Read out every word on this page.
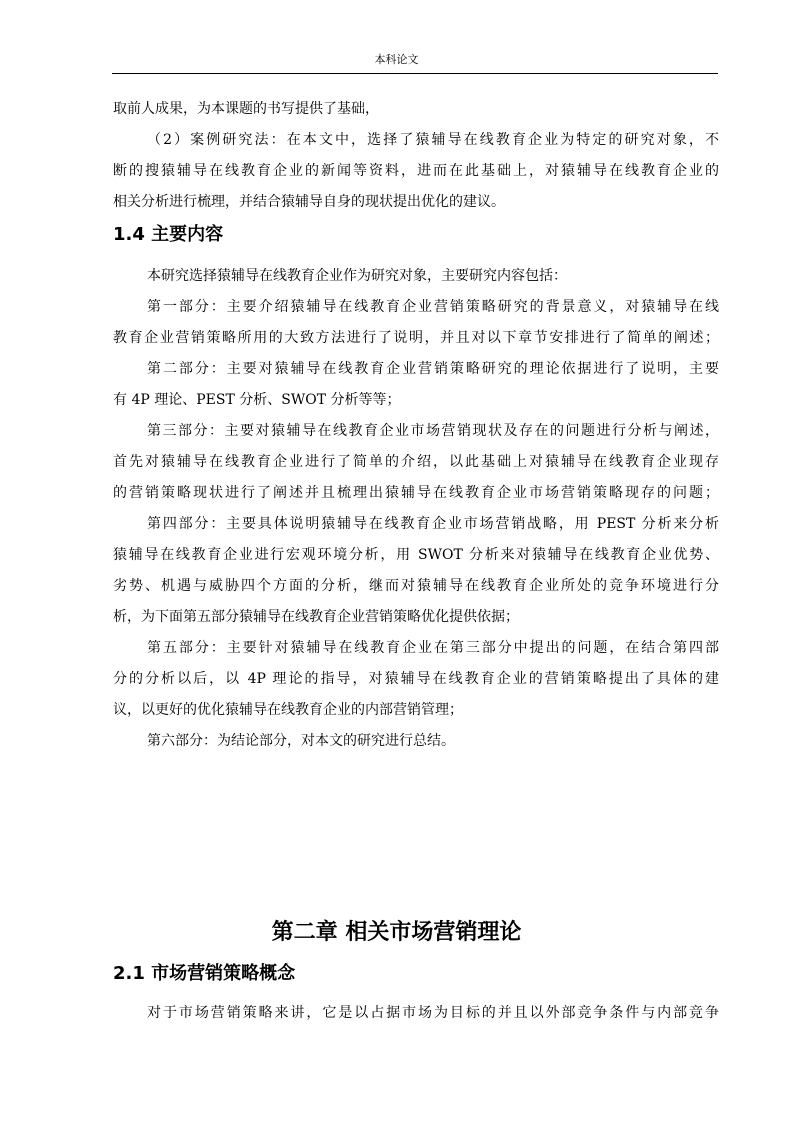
本科论文
取前人成果，为本课题的书写提供了基础，
（2）案例研究法：在本文中，选择了猿辅导在线教育企业为特定的研究对象，不
断的搜猿辅导在线教育企业的新闻等资料，进而在此基础上，对猿辅导在线教育企业的
相关分析进行梳理，并结合猿辅导自身的现状提出优化的建议。
1.4 主要内容
本研究选择猿辅导在线教育企业作为研究对象，主要研究内容包括：
第一部分：主要介绍猿辅导在线教育企业营销策略研究的背景意义，对猿辅导在线
教育企业营销策略所用的大致方法进行了说明，并且对以下章节安排进行了简单的阐述；
第二部分：主要对猿辅导在线教育企业营销策略研究的理论依据进行了说明，主要
有 4P 理论、PEST 分析、SWOT 分析等等；
第三部分：主要对猿辅导在线教育企业市场营销现状及存在的问题进行分析与阐述，
首先对猿辅导在线教育企业进行了简单的介绍，以此基础上对猿辅导在线教育企业现存
的营销策略现状进行了阐述并且梳理出猿辅导在线教育企业市场营销策略现存的问题；
第四部分：主要具体说明猿辅导在线教育企业市场营销战略，用 PEST 分析来分析
猿辅导在线教育企业进行宏观环境分析，用 SWOT 分析来对猿辅导在线教育企业优势、
劣势、机遇与威胁四个方面的分析，继而对猿辅导在线教育企业所处的竞争环境进行分
析，为下面第五部分猿辅导在线教育企业营销策略优化提供依据；
第五部分：主要针对猿辅导在线教育企业在第三部分中提出的问题，在结合第四部
分的分析以后，以 4P 理论的指导，对猿辅导在线教育企业的营销策略提出了具体的建
议，以更好的优化猿辅导在线教育企业的内部营销管理；
第六部分：为结论部分，对本文的研究进行总结。
第二章 相关市场营销理论
2.1 市场营销策略概念
对于市场营销策略来讲，它是以占据市场为目标的并且以外部竞争条件与内部竞争
